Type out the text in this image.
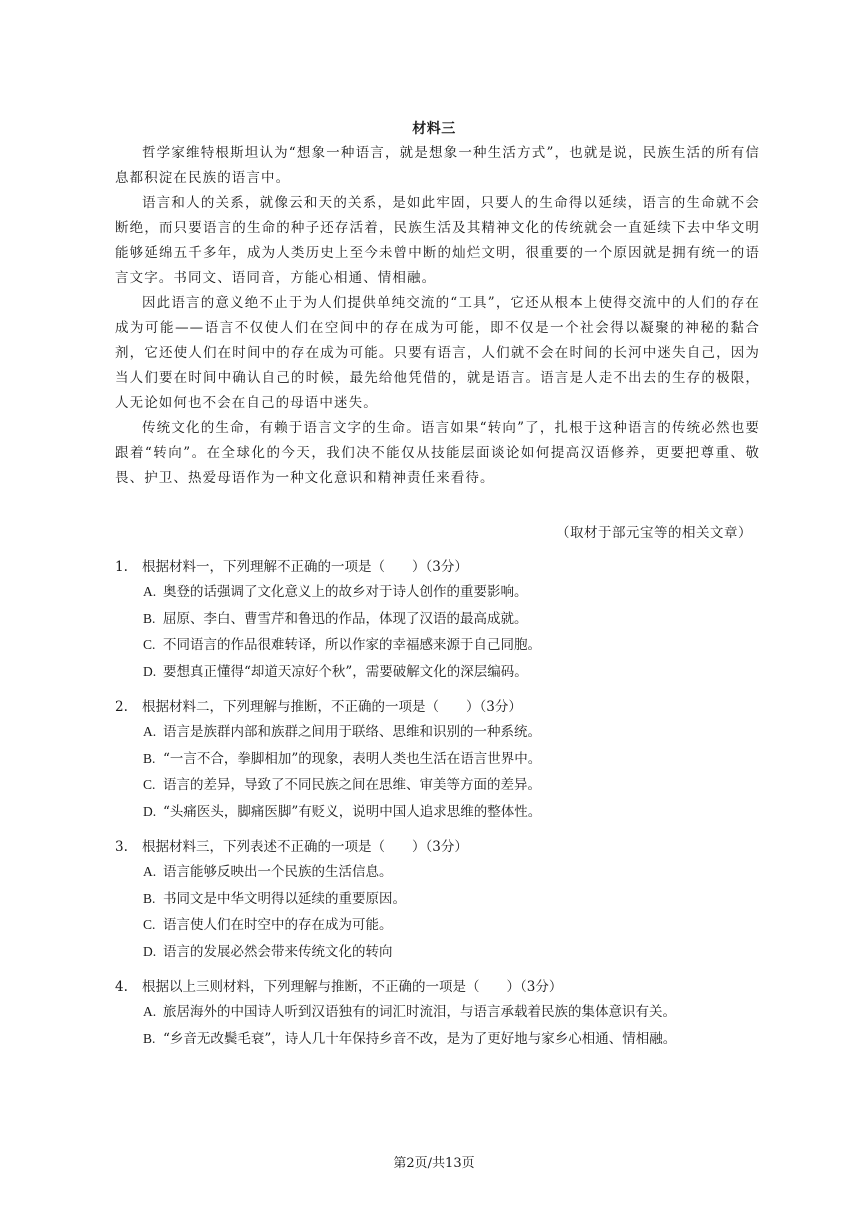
材料三

哲学家维特根斯坦认为“想象一种语言，就是想象一种生活方式”，也就是说，民族生活的所有信息都积淀在民族的语言中。

语言和人的关系，就像云和天的关系，是如此牢固，只要人的生命得以延续，语言的生命就不会断绝，而只要语言的生命的种子还存活着，民族生活及其精神文化的传统就会一直延续下去中华文明能够延绵五千多年，成为人类历史上至今未曾中断的灿烂文明，很重要的一个原因就是拥有统一的语言文字。书同文、语同音，方能心相通、情相融。

因此语言的意义绝不止于为人们提供单纯交流的“工具”，它还从根本上使得交流中的人们的存在成为可能——语言不仅使人们在空间中的存在成为可能，即不仅是一个社会得以凝聚的神秘的黏合剂，它还使人们在时间中的存在成为可能。只要有语言，人们就不会在时间的长河中迷失自己，因为当人们要在时间中确认自己的时候，最先给他凭借的，就是语言。语言是人走不出去的生存的极限，人无论如何也不会在自己的母语中迷失。

传统文化的生命，有赖于语言文字的生命。语言如果“转向”了，扎根于这种语言的传统必然也要跟着“转向”。在全球化的今天，我们决不能仅从技能层面谈论如何提高汉语修养，更要把尊重、敬畏、护卫、热爱母语作为一种文化意识和精神责任来看待。

（取材于部元宝等的相关文章）
1.	根据材料一，下列理解不正确的一项是（　　）（3分）
A. 奥登的话强调了文化意义上的故乡对于诗人创作的重要影响。
B. 屈原、李白、曹雪芹和鲁迅的作品，体现了汉语的最高成就。
C. 不同语言的作品很难转译，所以作家的幸福感来源于自己同胞。
D. 要想真正懂得“却道天凉好个秋”，需要破解文化的深层编码。
2.	根据材料二，下列理解与推断，不正确的一项是（　　）（3分）
A. 语言是族群内部和族群之间用于联络、思维和识别的一种系统。
B. “一言不合，拳脚相加”的现象，表明人类也生活在语言世界中。
C. 语言的差异，导致了不同民族之间在思维、审美等方面的差异。
D. “头痛医头，脚痛医脚”有贬义，说明中国人追求思维的整体性。
3.	根据材料三，下列表述不正确的一项是（　　）（3分）
A. 语言能够反映出一个民族的生活信息。
B. 书同文是中华文明得以延续的重要原因。
C. 语言使人们在时空中的存在成为可能。
D. 语言的发展必然会带来传统文化的转向
4.	根据以上三则材料，下列理解与推断，不正确的一项是（　　）（3分）
A. 旅居海外的中国诗人听到汉语独有的词汇时流泪，与语言承载着民族的集体意识有关。
B. “乡音无改鬓毛衰”，诗人几十年保持乡音不改，是为了更好地与家乡心相通、情相融。
第2页/共13页
